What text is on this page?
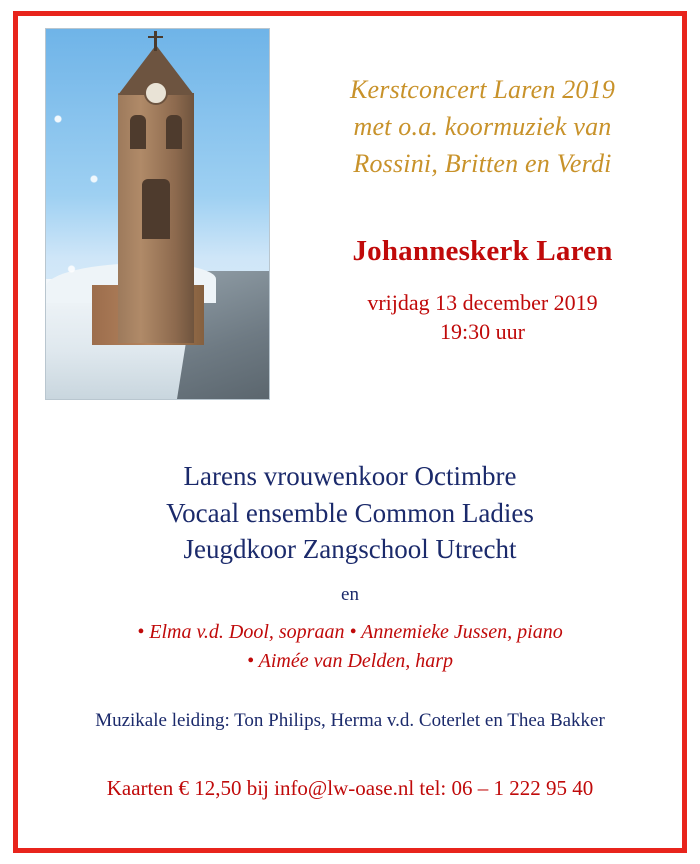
Kerstconcert Laren 2019
met o.a. koormuziek van
Rossini, Britten en Verdi
Johanneskerk Laren
vrijdag 13 december 2019
19:30 uur
Larens vrouwenkoor Octimbre
Vocaal ensemble Common Ladies
Jeugdkoor Zangschool Utrecht
en
• Elma v.d. Dool, sopraan • Annemieke Jussen, piano
• Aimée van Delden, harp
Muzikale leiding: Ton Philips, Herma v.d. Coterlet en Thea Bakker
Kaarten € 12,50 bij info@lw-oase.nl tel: 06 – 1 222 95 40
